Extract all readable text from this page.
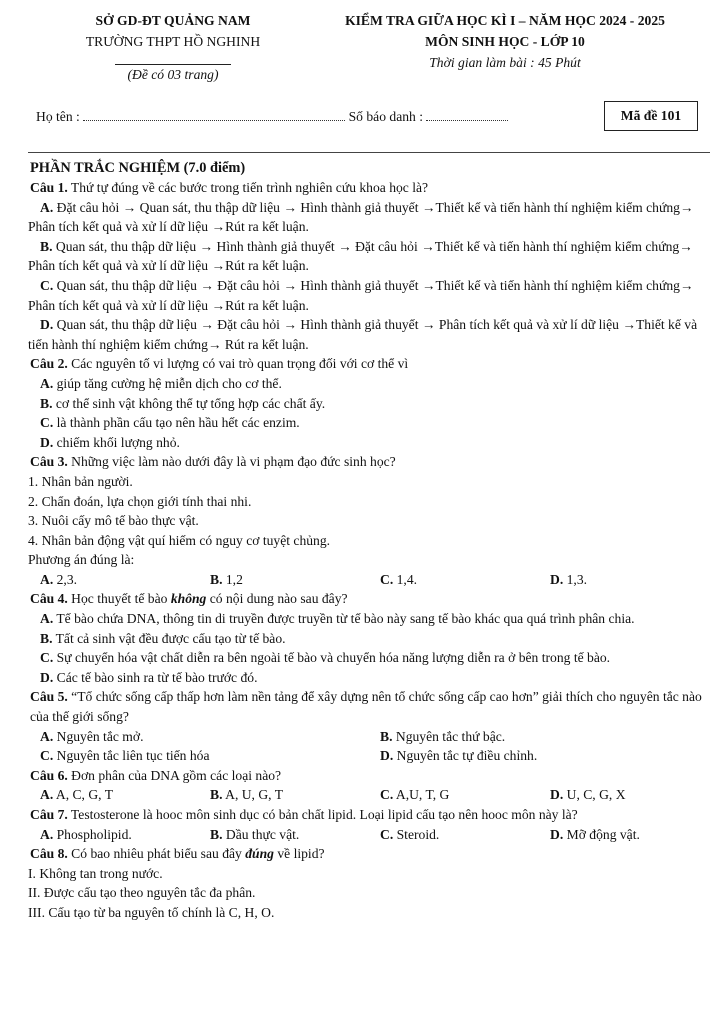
SỞ GD-ĐT QUẢNG NAM
TRƯỜNG THPT HỒ NGHINH
(Đề có 03 trang)
KIỂM TRA GIỮA HỌC KÌ I – NĂM HỌC 2024 - 2025
MÔN SINH HỌC - LỚP 10
Thời gian làm bài : 45 Phút
Họ tên :	Số báo danh :	Mã đề 101
PHẦN TRẮC NGHIỆM (7.0 điểm)
Câu 1. Thứ tự đúng về các bước trong tiến trình nghiên cứu khoa học là?
A. Đặt câu hỏi → Quan sát, thu thập dữ liệu → Hình thành giả thuyết →Thiết kế và tiến hành thí nghiệm kiểm chứng→ Phân tích kết quả và xử lí dữ liệu →Rút ra kết luận.
B. Quan sát, thu thập dữ liệu → Hình thành giả thuyết → Đặt câu hỏi →Thiết kế và tiến hành thí nghiệm kiểm chứng→ Phân tích kết quả và xử lí dữ liệu →Rút ra kết luận.
C. Quan sát, thu thập dữ liệu → Đặt câu hỏi → Hình thành giả thuyết →Thiết kế và tiến hành thí nghiệm kiểm chứng→ Phân tích kết quả và xử lí dữ liệu →Rút ra kết luận.
D. Quan sát, thu thập dữ liệu → Đặt câu hỏi → Hình thành giả thuyết → Phân tích kết quả và xử lí dữ liệu →Thiết kế và tiến hành thí nghiệm kiểm chứng→ Rút ra kết luận.
Câu 2. Các nguyên tố vi lượng có vai trò quan trọng đối với cơ thể vì
A. giúp tăng cường hệ miễn dịch cho cơ thể.
B. cơ thể sinh vật không thể tự tổng hợp các chất ấy.
C. là thành phần cấu tạo nên hầu hết các enzim.
D. chiếm khối lượng nhỏ.
Câu 3. Những việc làm nào dưới đây là vi phạm đạo đức sinh học?
1. Nhân bản người.
2. Chẩn đoán, lựa chọn giới tính thai nhi.
3. Nuôi cấy mô tế bào thực vật.
4. Nhân bản động vật quí hiếm có nguy cơ tuyệt chủng.
Phương án đúng là:
A. 2,3.	B. 1,2	C. 1,4.	D. 1,3.
Câu 4. Học thuyết tế bào không có nội dung nào sau đây?
A. Tế bào chứa DNA, thông tin di truyền được truyền từ tế bào này sang tế bào khác qua quá trình phân chia.
B. Tất cả sinh vật đều được cấu tạo từ tế bào.
C. Sự chuyển hóa vật chất diễn ra bên ngoài tế bào và chuyển hóa năng lượng diễn ra ở bên trong tế bào.
D. Các tế bào sinh ra từ tế bào trước đó.
Câu 5. “Tổ chức sống cấp thấp hơn làm nền tảng để xây dựng nên tổ chức sống cấp cao hơn” giải thích cho nguyên tắc nào của thế giới sống?
A. Nguyên tắc mở.	B. Nguyên tắc thứ bậc.
C. Nguyên tắc liên tục tiến hóa	D. Nguyên tắc tự điều chỉnh.
Câu 6. Đơn phân của DNA gồm các loại nào?
A. A, C, G, T	B. A, U, G, T	C. A,U, T, G	D. U, C, G, X
Câu 7. Testosterone là hooc môn sinh dục có bản chất lipid. Loại lipid cấu tạo nên hooc môn này là?
A. Phospholipid.	B. Dầu thực vật.	C. Steroid.	D. Mỡ động vật.
Câu 8. Có bao nhiêu phát biểu sau đây đúng về lipid?
I. Không tan trong nước.
II. Được cấu tạo theo nguyên tắc đa phân.
III. Cấu tạo từ ba nguyên tố chính là C, H, O.
